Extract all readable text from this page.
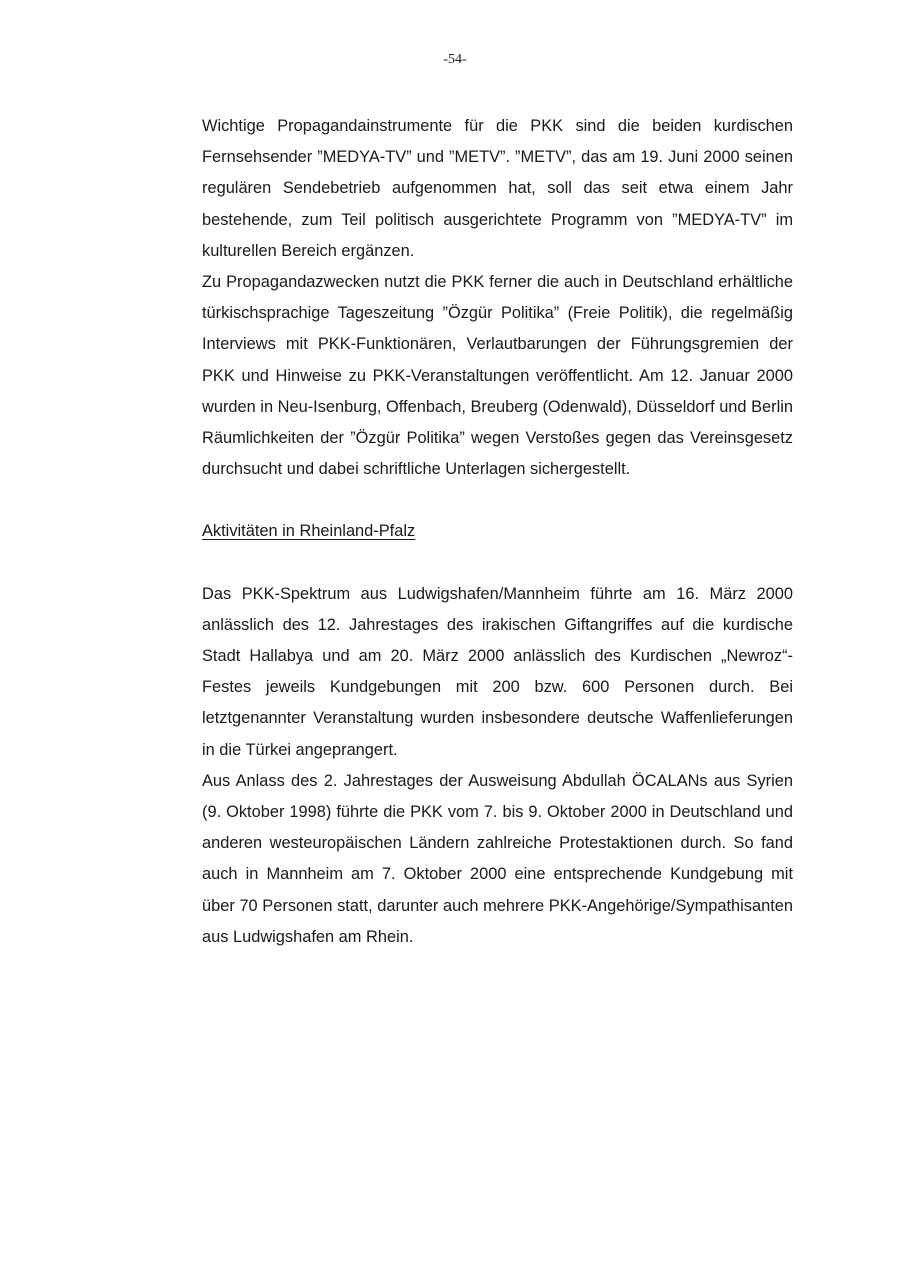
-54-

Wichtige Propagandainstrumente für die PKK sind die beiden kurdischen Fernsehsender ”MEDYA-TV” und ”METV”. ”METV”, das am 19. Juni 2000 seinen regulären Sendebetrieb aufgenommen hat, soll das seit etwa einem Jahr bestehende, zum Teil politisch ausgerichtete Programm von ”MEDYA-TV” im kulturellen Bereich ergänzen.

Zu Propagandazwecken nutzt die PKK ferner die auch in Deutschland erhältliche türkischsprachige Tageszeitung ”Özgür Politika” (Freie Politik), die regelmäßig Interviews mit PKK-Funktionären, Verlautbarungen der Führungsgremien der PKK und Hinweise zu PKK-Veranstaltungen veröffentlicht. Am 12. Januar 2000 wurden in Neu-Isenburg, Offenbach, Breuberg (Odenwald), Düsseldorf und Berlin Räumlichkeiten der ”Özgür Politika” wegen Verstoßes gegen das Vereinsgesetz durchsucht und dabei schriftliche Unterlagen sichergestellt.

Aktivitäten in Rheinland-Pfalz

Das PKK-Spektrum aus Ludwigshafen/Mannheim führte am 16. März 2000 anlässlich des 12. Jahrestages des irakischen Giftangriffes auf die kurdische Stadt Hallabya und am 20. März 2000 anlässlich des Kurdischen „Newroz“-Festes jeweils Kundgebungen mit 200 bzw. 600 Personen durch. Bei letztgenannter Veranstaltung wurden insbesondere deutsche Waffenlieferungen in die Türkei angeprangert.

Aus Anlass des 2. Jahrestages der Ausweisung Abdullah ÖCALANs aus Syrien (9. Oktober 1998) führte die PKK vom 7. bis 9. Oktober 2000 in Deutschland und anderen westeuropäischen Ländern zahlreiche Protestaktionen durch. So fand auch in Mannheim am 7. Oktober 2000 eine entsprechende Kundgebung mit über 70 Personen statt, darunter auch mehrere PKK-Angehörige/Sympathisanten aus Ludwigshafen am Rhein.
